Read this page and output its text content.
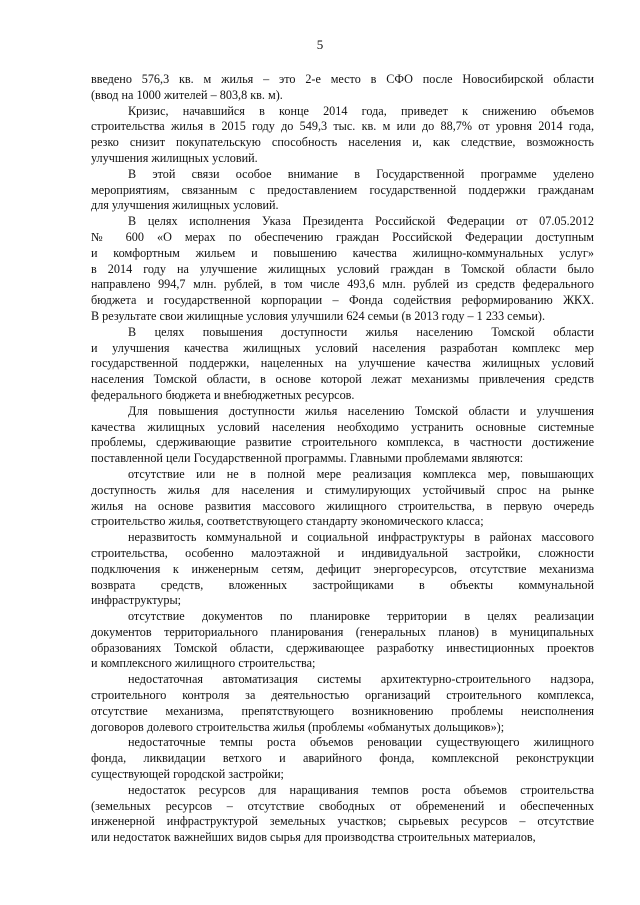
5
введено 576,3 кв. м жилья – это 2-е место в СФО после Новосибирской области
(ввод на 1000 жителей – 803,8 кв. м).
Кризис, начавшийся в конце 2014 года, приведет к снижению объемов
строительства жилья в 2015 году до 549,3 тыс. кв. м или до 88,7% от уровня 2014 года,
резко снизит покупательскую способность населения и, как следствие, возможность
улучшения жилищных условий.
В этой связи особое внимание в Государственной программе уделено
мероприятиям, связанным с предоставлением государственной поддержки гражданам
для улучшения жилищных условий.
В целях исполнения Указа Президента Российской Федерации от 07.05.2012
№ 600 «О мерах по обеспечению граждан Российской Федерации доступным
и комфортным жильем и повышению качества жилищно-коммунальных услуг»
в 2014 году на улучшение жилищных условий граждан в Томской области было
направлено 994,7 млн. рублей, в том числе 493,6 млн. рублей из средств федерального
бюджета и государственной корпорации – Фонда содействия реформированию ЖКХ.
В результате свои жилищные условия улучшили 624 семьи (в 2013 году – 1 233 семьи).
В целях повышения доступности жилья населению Томской области
и улучшения качества жилищных условий населения разработан комплекс мер
государственной поддержки, нацеленных на улучшение качества жилищных условий
населения Томской области, в основе которой лежат механизмы привлечения средств
федерального бюджета и внебюджетных ресурсов.
Для повышения доступности жилья населению Томской области и улучшения
качества жилищных условий населения необходимо устранить основные системные
проблемы, сдерживающие развитие строительного комплекса, в частности достижение
поставленной цели Государственной программы. Главными проблемами являются:
отсутствие или не в полной мере реализация комплекса мер, повышающих
доступность жилья для населения и стимулирующих устойчивый спрос на рынке
жилья на основе развития массового жилищного строительства, в первую очередь
строительство жилья, соответствующего стандарту экономического класса;
неразвитость коммунальной и социальной инфраструктуры в районах массового
строительства, особенно малоэтажной и индивидуальной застройки, сложности
подключения к инженерным сетям, дефицит энергоресурсов, отсутствие механизма
возврата средств, вложенных застройщиками в объекты коммунальной
инфраструктуры;
отсутствие документов по планировке территории в целях реализации
документов территориального планирования (генеральных планов) в муниципальных
образованиях Томской области, сдерживающее разработку инвестиционных проектов
и комплексного жилищного строительства;
недостаточная автоматизация системы архитектурно-строительного надзора,
строительного контроля за деятельностью организаций строительного комплекса,
отсутствие механизма, препятствующего возникновению проблемы неисполнения
договоров долевого строительства жилья (проблемы «обманутых дольщиков»);
недостаточные темпы роста объемов реновации существующего жилищного
фонда, ликвидации ветхого и аварийного фонда, комплексной реконструкции
существующей городской застройки;
недостаток ресурсов для наращивания темпов роста объемов строительства
(земельных ресурсов – отсутствие свободных от обременений и обеспеченных
инженерной инфраструктурой земельных участков; сырьевых ресурсов – отсутствие
или недостаток важнейших видов сырья для производства строительных материалов,
